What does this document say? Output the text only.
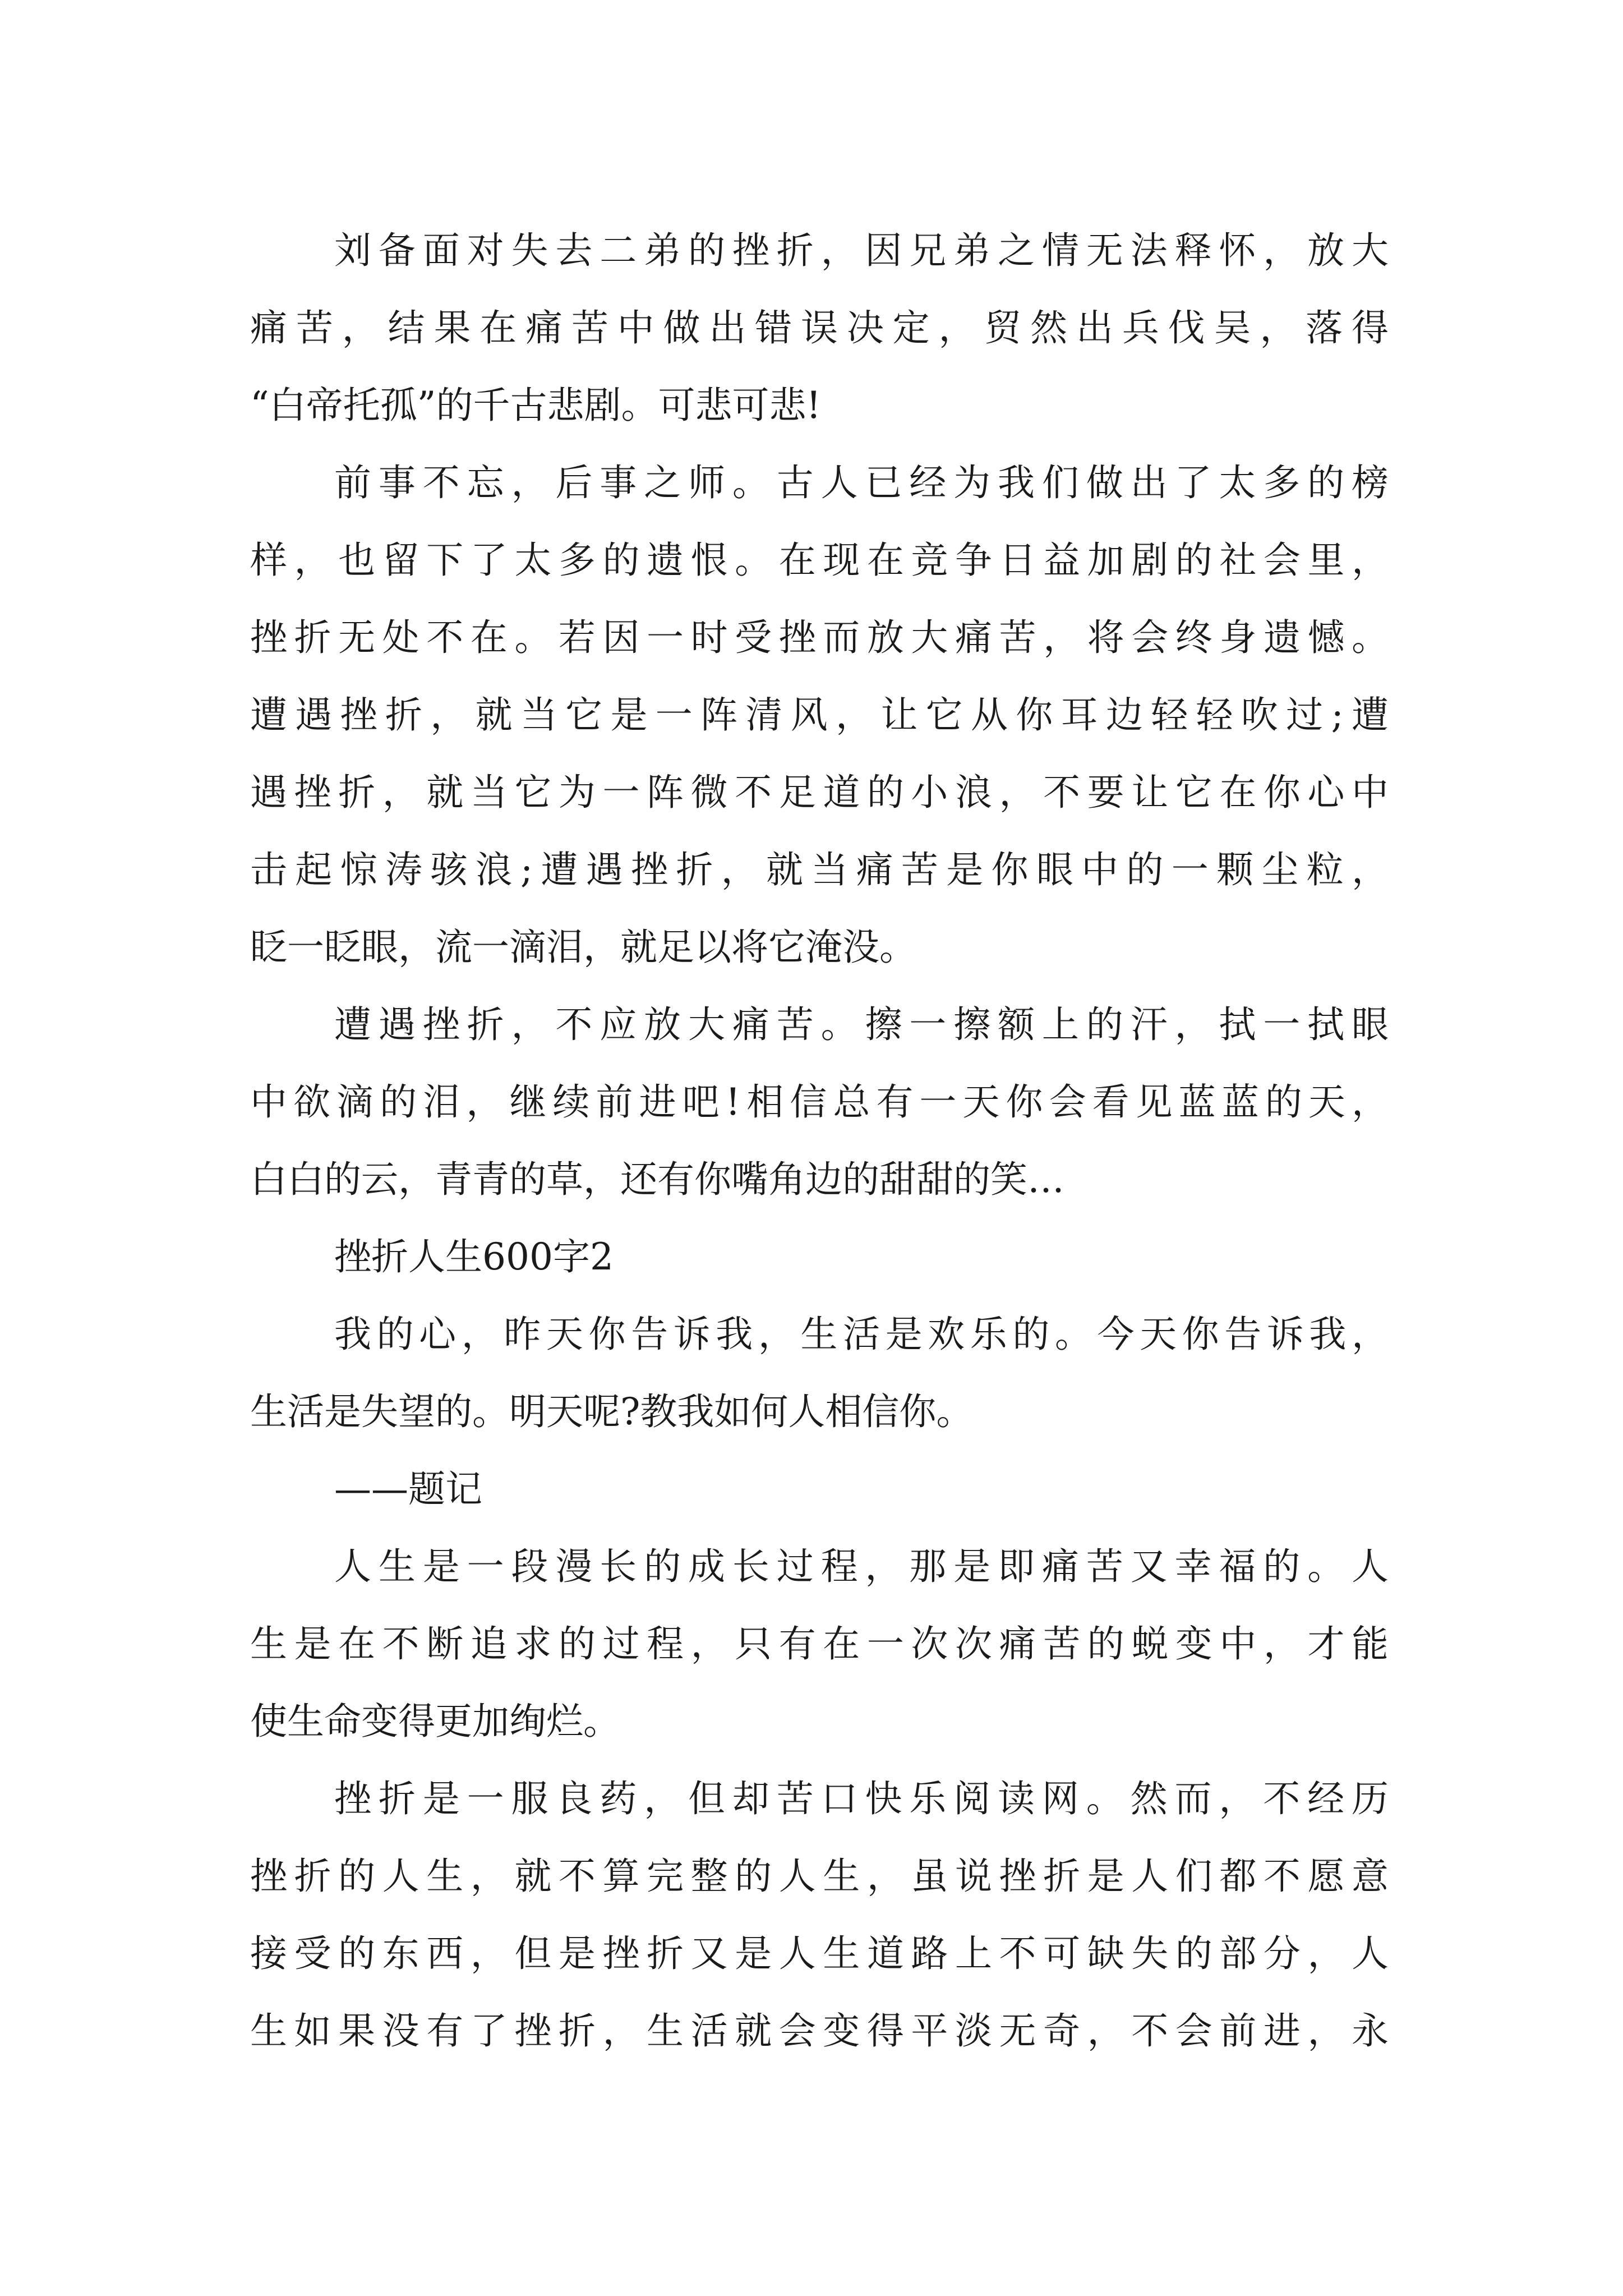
刘备面对失去二弟的挫折，因兄弟之情无法释怀，放大
痛苦，结果在痛苦中做出错误决定，贸然出兵伐吴，落得
“白帝托孤”的千古悲剧。可悲可悲!
前事不忘，后事之师。古人已经为我们做出了太多的榜
样，也留下了太多的遗恨。在现在竞争日益加剧的社会里，
挫折无处不在。若因一时受挫而放大痛苦，将会终身遗憾。
遭遇挫折，就当它是一阵清风，让它从你耳边轻轻吹过;遭
遇挫折，就当它为一阵微不足道的小浪，不要让它在你心中
击起惊涛骇浪;遭遇挫折，就当痛苦是你眼中的一颗尘粒，
眨一眨眼，流一滴泪，就足以将它淹没。
遭遇挫折，不应放大痛苦。擦一擦额上的汗，拭一拭眼
中欲滴的泪，继续前进吧!相信总有一天你会看见蓝蓝的天，
白白的云，青青的草，还有你嘴角边的甜甜的笑…
挫折人生600字2
我的心，昨天你告诉我，生活是欢乐的。今天你告诉我，
生活是失望的。明天呢?教我如何人相信你。
——题记
人生是一段漫长的成长过程，那是即痛苦又幸福的。人
生是在不断追求的过程，只有在一次次痛苦的蜕变中，才能
使生命变得更加绚烂。
挫折是一服良药，但却苦口快乐阅读网。然而，不经历
挫折的人生，就不算完整的人生，虽说挫折是人们都不愿意
接受的东西，但是挫折又是人生道路上不可缺失的部分，人
生如果没有了挫折，生活就会变得平淡无奇，不会前进，永
